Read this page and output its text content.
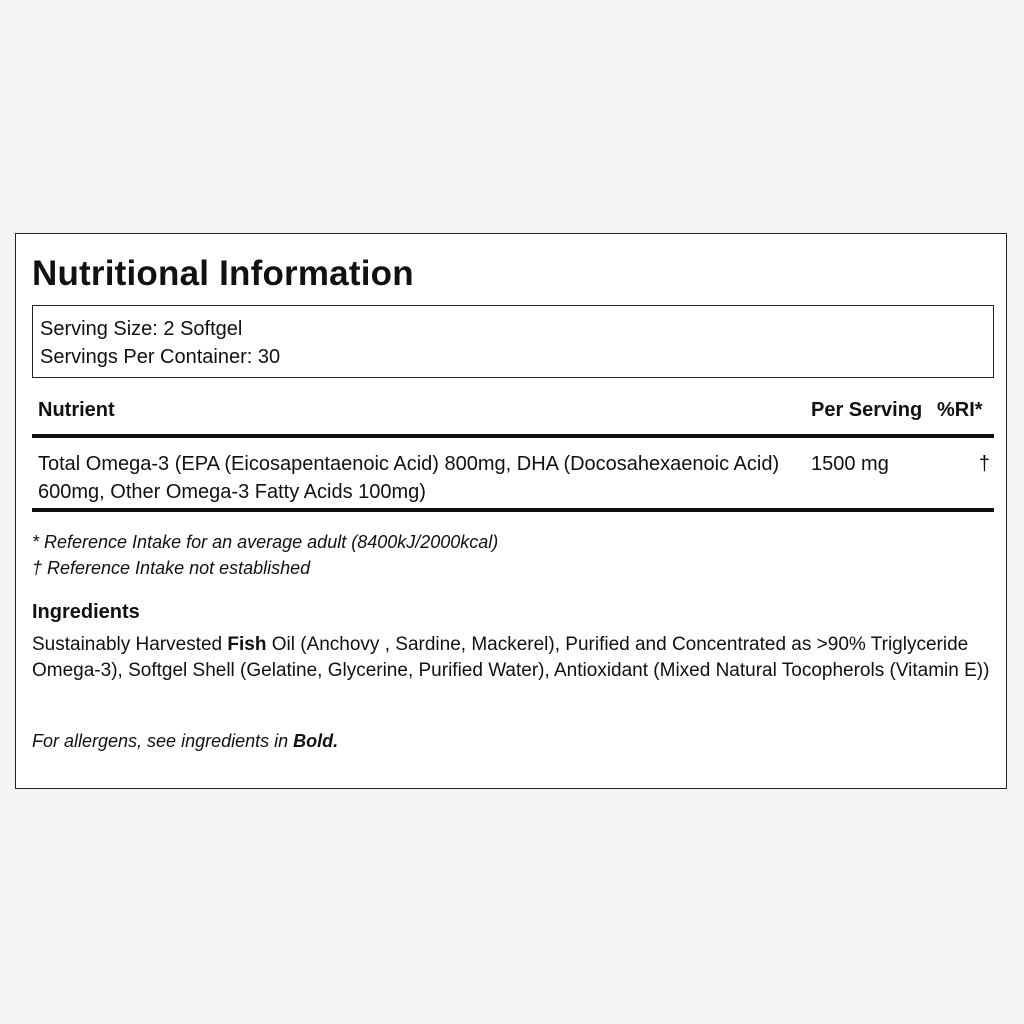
Nutritional Information
Serving Size: 2 Softgel
Servings Per Container: 30
Nutrient	Per Serving %RI*
Total Omega-3 (EPA (Eicosapentaenoic Acid) 800mg, DHA (Docosahexaenoic Acid) 600mg, Other Omega-3 Fatty Acids 100mg)
1500 mg	†
* Reference Intake for an average adult (8400kJ/2000kcal)
† Reference Intake not established
Ingredients
Sustainably Harvested Fish Oil (Anchovy , Sardine, Mackerel), Purified and Concentrated as >90% Triglyceride Omega-3), Softgel Shell (Gelatine, Glycerine, Purified Water), Antioxidant (Mixed Natural Tocopherols (Vitamin E))
For allergens, see ingredients in Bold.
